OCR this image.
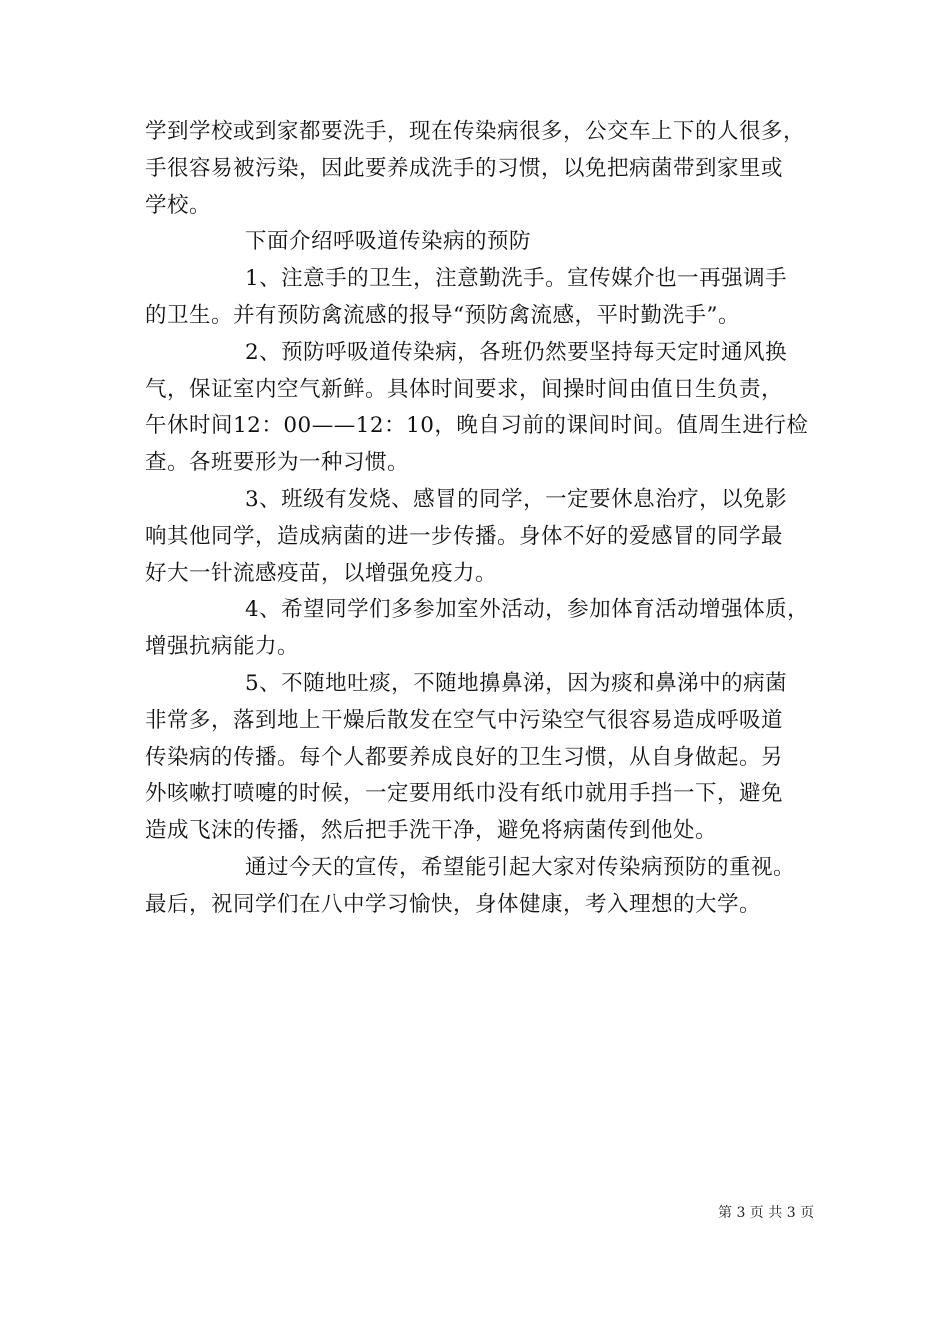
学到学校或到家都要洗手，现在传染病很多，公交车上下的人很多，
手很容易被污染，因此要养成洗手的习惯，以免把病菌带到家里或
学校。

下面介绍呼吸道传染病的预防

1、注意手的卫生，注意勤洗手。宣传媒介也一再强调手
的卫生。并有预防禽流感的报导“预防禽流感，平时勤洗手”。

2、预防呼吸道传染病，各班仍然要坚持每天定时通风换
气，保证室内空气新鲜。具体时间要求，间操时间由值日生负责，
午休时间12：00——12：10，晚自习前的课间时间。值周生进行检
查。各班要形为一种习惯。

3、班级有发烧、感冒的同学，一定要休息治疗，以免影
响其他同学，造成病菌的进一步传播。身体不好的爱感冒的同学最
好大一针流感疫苗，以增强免疫力。

4、希望同学们多参加室外活动，参加体育活动增强体质，
增强抗病能力。

5、不随地吐痰，不随地擤鼻涕，因为痰和鼻涕中的病菌
非常多，落到地上干燥后散发在空气中污染空气很容易造成呼吸道
传染病的传播。每个人都要养成良好的卫生习惯，从自身做起。另
外咳嗽打喷嚏的时候，一定要用纸巾没有纸巾就用手挡一下，避免
造成飞沫的传播，然后把手洗干净，避免将病菌传到他处。

通过今天的宣传，希望能引起大家对传染病预防的重视。
最后，祝同学们在八中学习愉快，身体健康，考入理想的大学。

第 3 页 共 3 页
